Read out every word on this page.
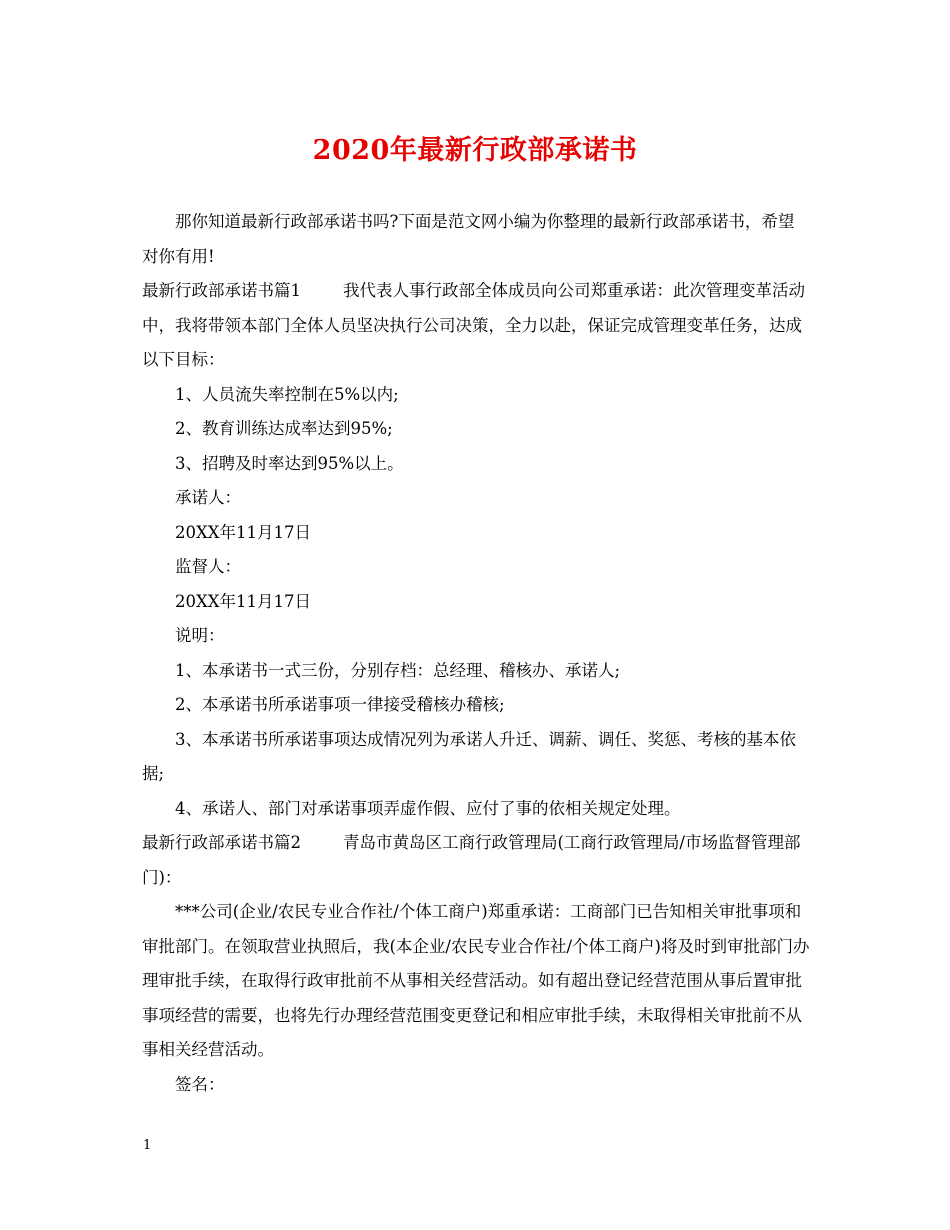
2020年最新行政部承诺书

那你知道最新行政部承诺书吗?下面是范文网小编为你整理的最新行政部承诺书，希望对你有用!

最新行政部承诺书篇1	我代表人事行政部全体成员向公司郑重承诺：此次管理变革活动中，我将带领本部门全体人员坚决执行公司决策，全力以赴，保证完成管理变革任务，达成以下目标：

1、人员流失率控制在5%以内;

2、教育训练达成率达到95%;

3、招聘及时率达到95%以上。

承诺人：

20XX年11月17日

监督人：

20XX年11月17日

说明：

1、本承诺书一式三份，分别存档：总经理、稽核办、承诺人;

2、本承诺书所承诺事项一律接受稽核办稽核;

3、本承诺书所承诺事项达成情况列为承诺人升迁、调薪、调任、奖惩、考核的基本依据;

4、承诺人、部门对承诺事项弄虚作假、应付了事的依相关规定处理。

最新行政部承诺书篇2	青岛市黄岛区工商行政管理局(工商行政管理局/市场监督管理部门)：

***公司(企业/农民专业合作社/个体工商户)郑重承诺：工商部门已告知相关审批事项和审批部门。在领取营业执照后，我(本企业/农民专业合作社/个体工商户)将及时到审批部门办理审批手续，在取得行政审批前不从事相关经营活动。如有超出登记经营范围从事后置审批事项经营的需要，也将先行办理经营范围变更登记和相应审批手续，未取得相关审批前不从事相关经营活动。

签名：

1
